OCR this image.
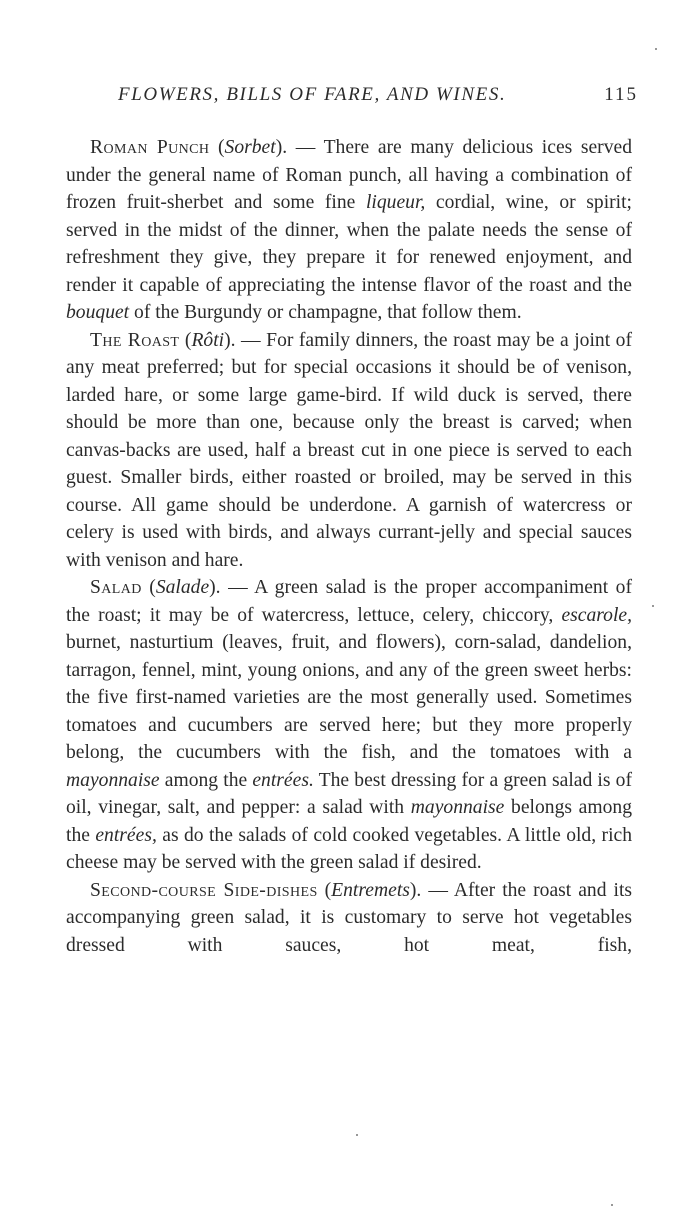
FLOWERS, BILLS OF FARE, AND WINES.	115

Roman Punch (Sorbet). — There are many delicious ices served under the general name of Roman punch, all having a combination of frozen fruit-sherbet and some fine liqueur, cordial, wine, or spirit; served in the midst of the dinner, when the palate needs the sense of refreshment they give, they prepare it for renewed enjoyment, and render it capable of appreciating the intense flavor of the roast and the bouquet of the Burgundy or champagne, that follow them.

The Roast (Rôti). — For family dinners, the roast may be a joint of any meat preferred; but for special occasions it should be of venison, larded hare, or some large game-bird. If wild duck is served, there should be more than one, because only the breast is carved; when canvas-backs are used, half a breast cut in one piece is served to each guest. Smaller birds, either roasted or broiled, may be served in this course. All game should be underdone. A garnish of watercress or celery is used with birds, and always currant-jelly and special sauces with venison and hare.

Salad (Salade). — A green salad is the proper accompaniment of the roast; it may be of watercress, lettuce, celery, chiccory, escarole, burnet, nasturtium (leaves, fruit, and flowers), corn-salad, dandelion, tarragon, fennel, mint, young onions, and any of the green sweet herbs: the five first-named varieties are the most generally used. Sometimes tomatoes and cucumbers are served here; but they more properly belong, the cucumbers with the fish, and the tomatoes with a mayonnaise among the entrées. The best dressing for a green salad is of oil, vinegar, salt, and pepper: a salad with mayonnaise belongs among the entrées, as do the salads of cold cooked vegetables. A little old, rich cheese may be served with the green salad if desired.

Second-course Side-dishes (Entremets). — After the roast and its accompanying green salad, it is customary to serve hot vegetables dressed with sauces, hot meat, fish,
